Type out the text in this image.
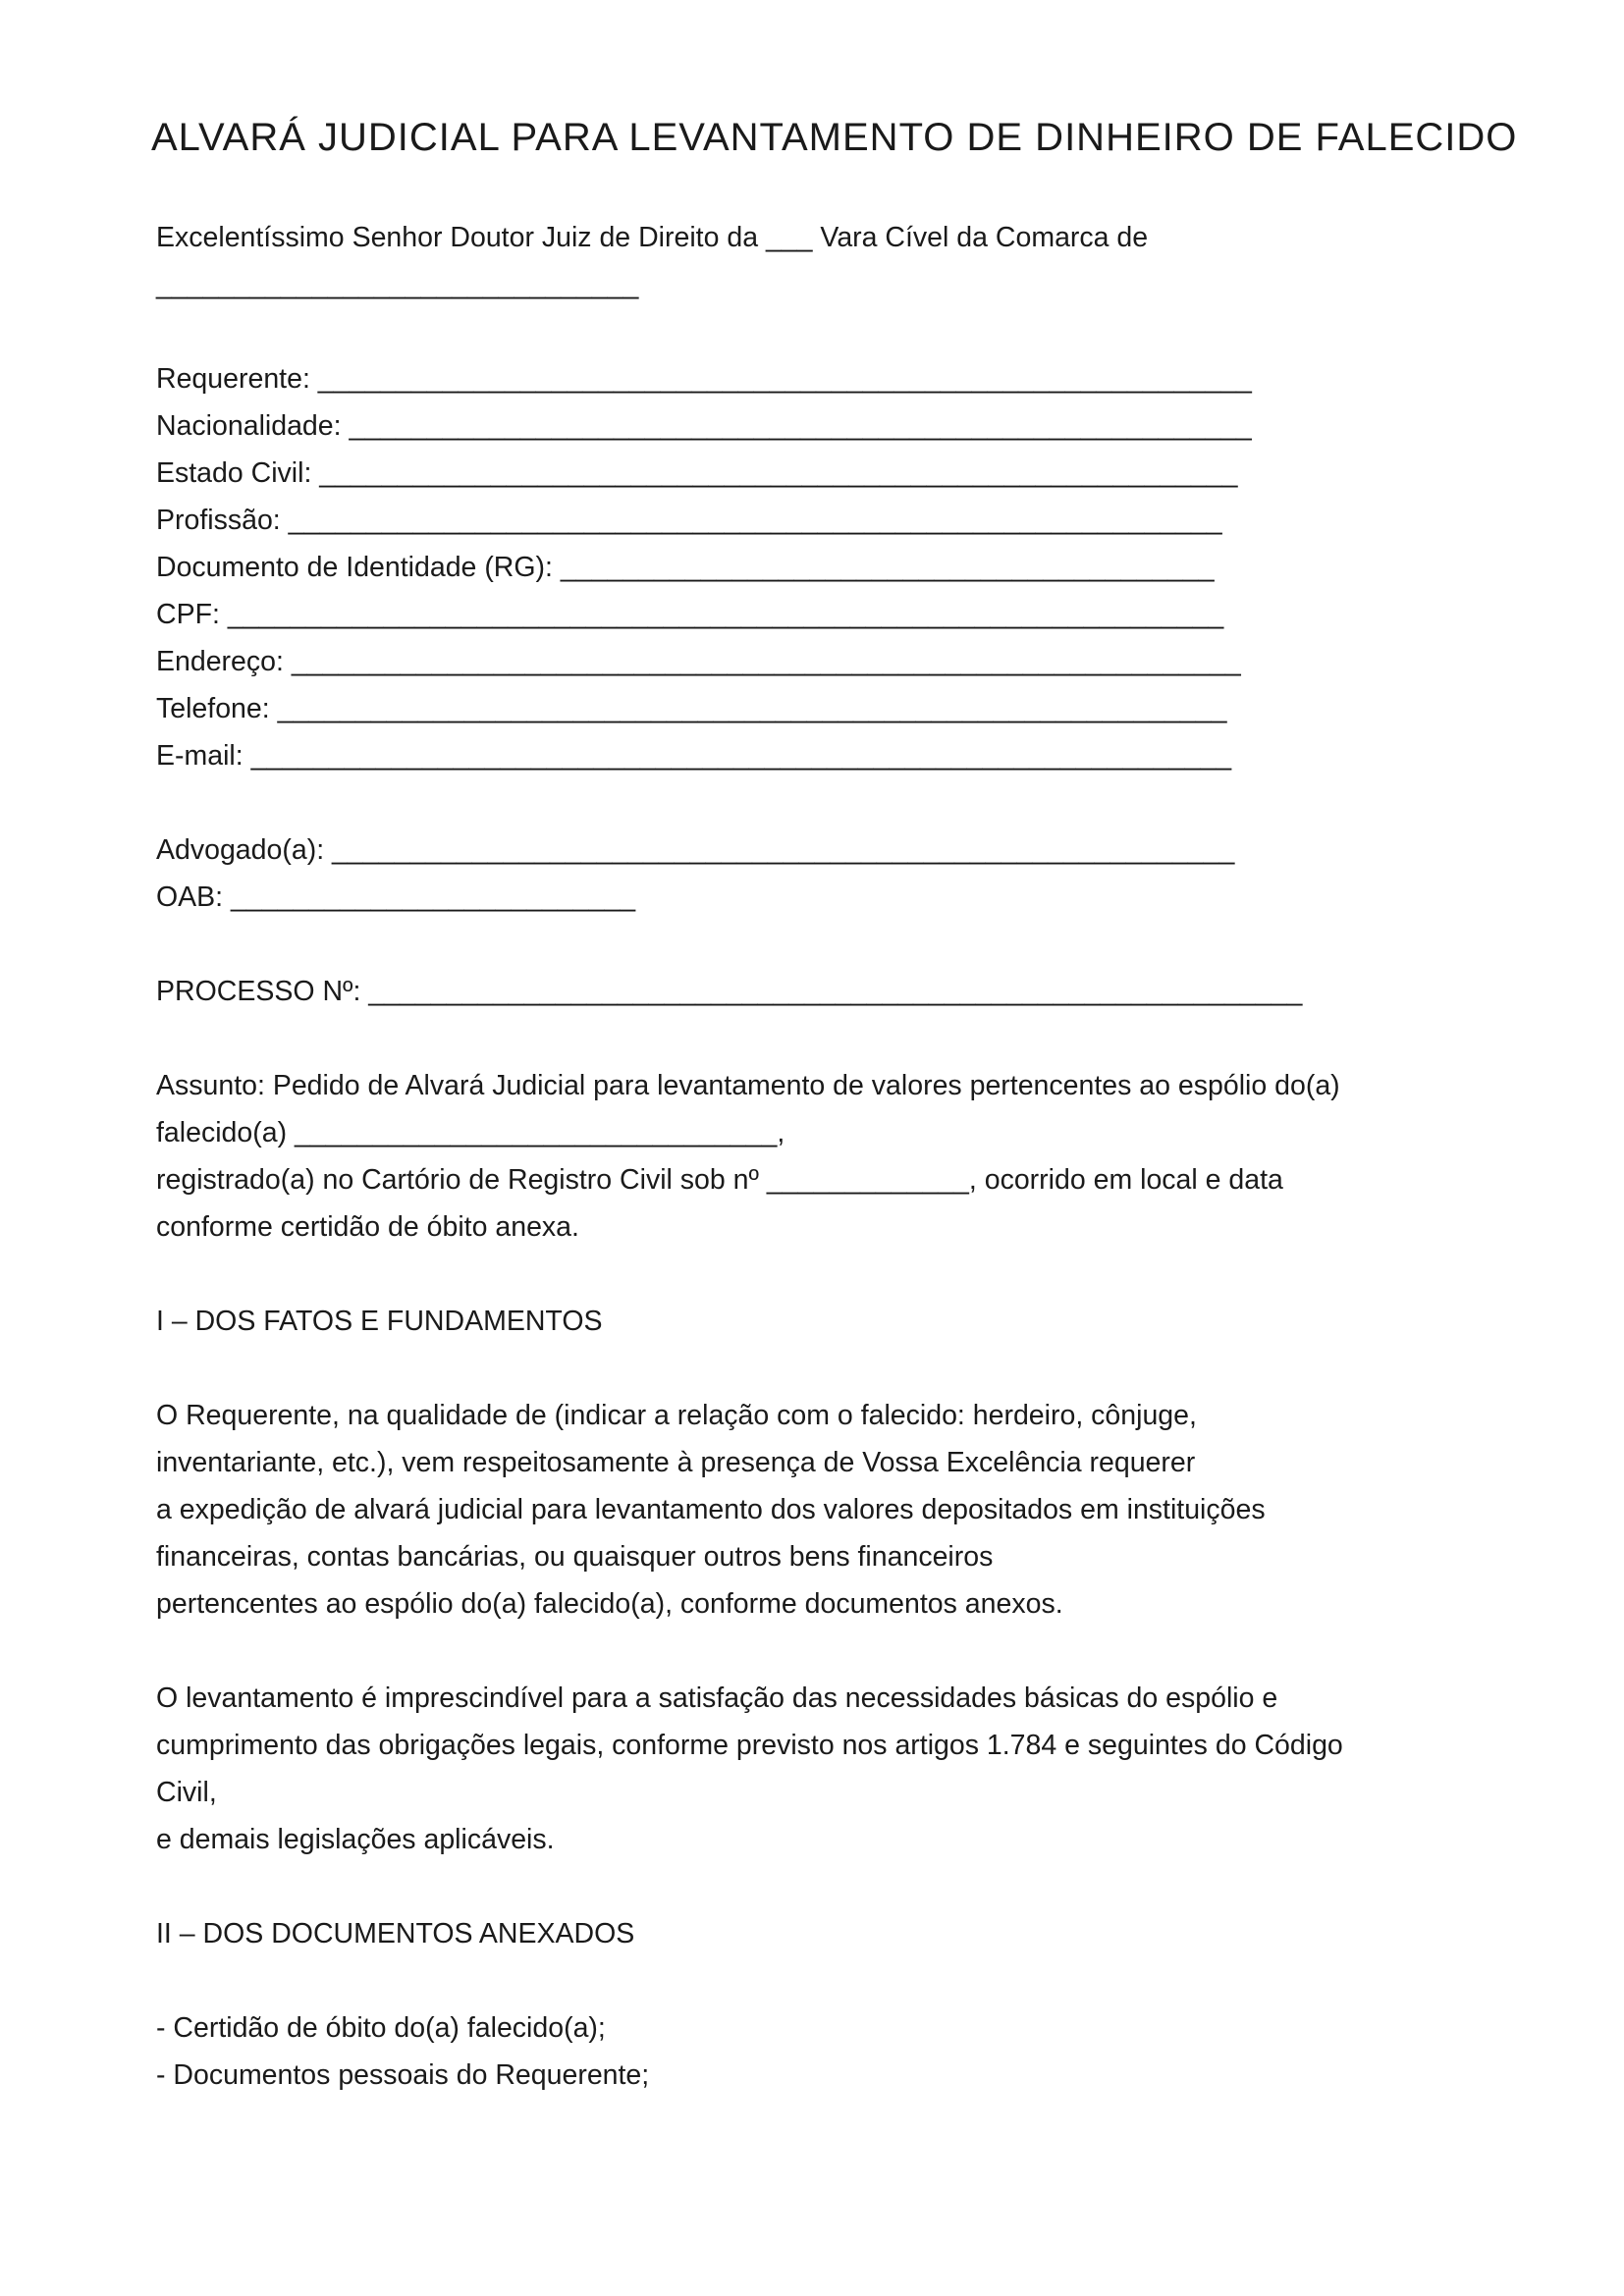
ALVARÁ JUDICIAL PARA LEVANTAMENTO DE DINHEIRO DE FALECIDO
Excelentíssimo Senhor Doutor Juiz de Direito da ___ Vara Cível da Comarca de
_______________________________
Requerente: ____________________________________________________________
Nacionalidade: __________________________________________________________
Estado Civil: ___________________________________________________________
Profissão: ____________________________________________________________
Documento de Identidade (RG): __________________________________________
CPF: ________________________________________________________________
Endereço: _____________________________________________________________
Telefone: _____________________________________________________________
E-mail: _______________________________________________________________
Advogado(a): __________________________________________________________
OAB: __________________________
PROCESSO Nº: ____________________________________________________________
Assunto: Pedido de Alvará Judicial para levantamento de valores pertencentes ao espólio do(a)
falecido(a) _______________________________,
registrado(a) no Cartório de Registro Civil sob nº _____________, ocorrido em local e data
conforme certidão de óbito anexa.
I – DOS FATOS E FUNDAMENTOS
O Requerente, na qualidade de (indicar a relação com o falecido: herdeiro, cônjuge,
inventariante, etc.), vem respeitosamente à presença de Vossa Excelência requerer
a expedição de alvará judicial para levantamento dos valores depositados em instituições
financeiras, contas bancárias, ou quaisquer outros bens financeiros
pertencentes ao espólio do(a) falecido(a), conforme documentos anexos.
O levantamento é imprescindível para a satisfação das necessidades básicas do espólio e
cumprimento das obrigações legais, conforme previsto nos artigos 1.784 e seguintes do Código
Civil,
e demais legislações aplicáveis.
II – DOS DOCUMENTOS ANEXADOS
- Certidão de óbito do(a) falecido(a);
- Documentos pessoais do Requerente;
